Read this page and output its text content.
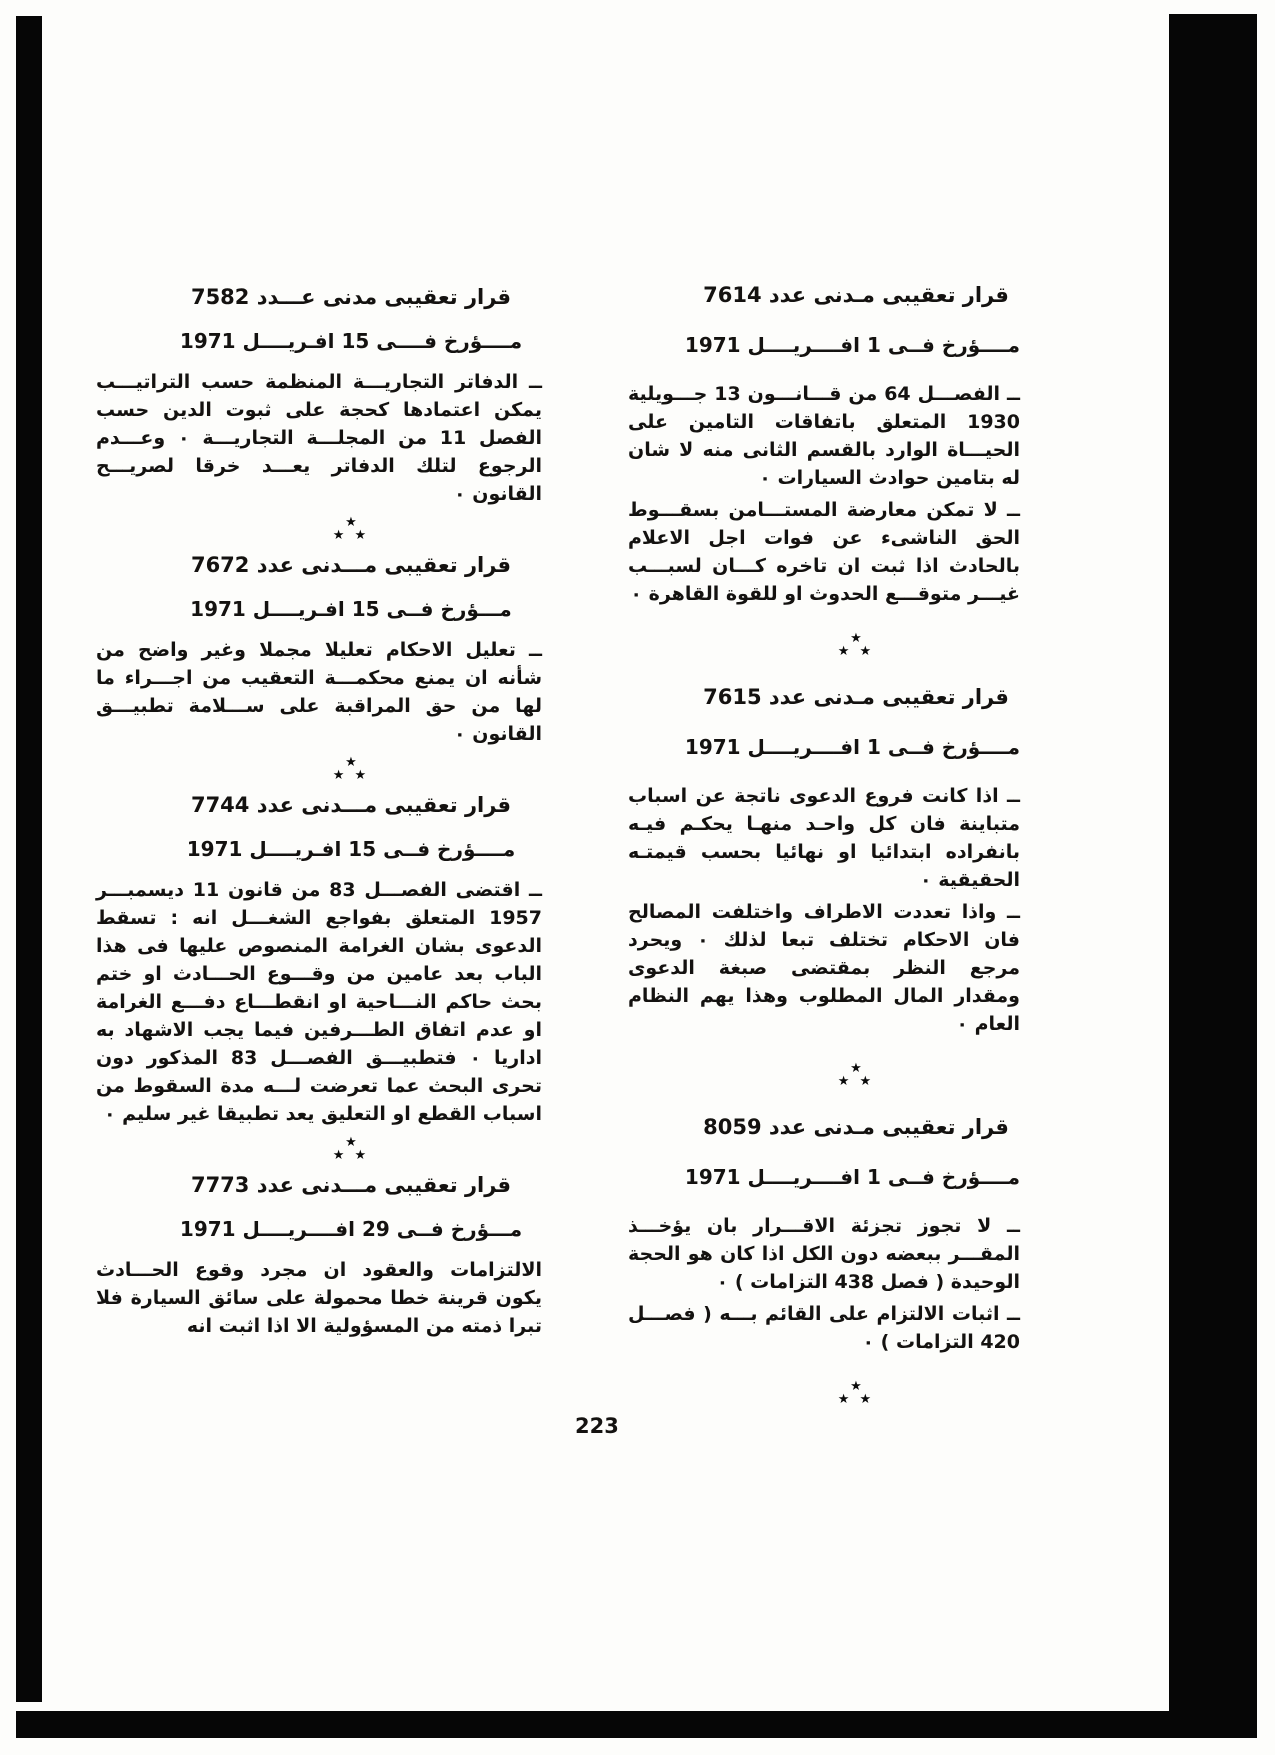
قرار تعقيبى مـدنى عدد 7614
مــــؤرخ فــى 1 افــــريــــل 1971

ــ الفصـــل 64 من قـــانـــون 13 جـــويلية 1930 المتعلق باتفاقات التامين على الحيـــاة الوارد بالقسم الثانى منه لا شان له بتامين حوادث السيارات ٠

ــ لا تمكن معارضة المستـــامن بسقـــوط الحق الناشىء عن فوات اجل الاعلام بالحادث اذا ثبت ان تاخره كـــان لسبـــب غيـــر متوقـــع الحدوث او للقوة القاهرة ٠

★
★ ★
قرار تعقيبى مـدنى عدد 7615
مــــؤرخ فــى 1 افــــريــــل 1971

ــ اذا كانت فروع الدعوى ناتجة عن اسباب متباينة فان كل واحـد منهـا يحكـم فيـه بانفراده ابتدائيا او نهائيا بحسب قيمتـه الحقيقية ٠

ــ واذا تعددت الاطراف واختلفت المصالح فان الاحكام تختلف تبعا لذلك ٠ ويحرد مرجع النظر بمقتضى صبغة الدعوى ومقدار المال المطلوب وهذا يهم النظام العام ٠

★
★ ★
قرار تعقيبى مـدنى عدد 8059
مــــؤرخ فــى 1 افــــريــــل 1971

ــ لا تجوز تجزئة الاقـــرار بان يؤخـــذ المقـــر ببعضه دون الكل اذا كان هو الحجة الوحيدة ( فصل 438 التزامات ) ٠

ــ اثبات الالتزام على القائم بـــه ( فصـــل 420 التزامات ) ٠

★
★ ★
قرار تعقيبى مدنى عـــدد 7582
مــــؤرخ فــــى 15 افـريــــل 1971

ــ الدفاتر التجاريـــة المنظمة حسب التراتيـــب يمكن اعتمادها كحجة على ثبوت الدين حسب الفصل 11 من المجلـــة التجاريـــة ٠ وعـــدم الرجوع لتلك الدفاتر يعـــد خرقا لصريـــح القانون ٠

★
★ ★
قرار تعقيبى مـــدنى عدد 7672
مـــؤرخ فــى 15 افـريــــل 1971

ــ تعليل الاحكام تعليلا مجملا وغير واضح من شأنه ان يمنع محكمـــة التعقيب من اجـــراء ما لها من حق المراقبة على ســـلامة تطبيـــق القانون ٠

★
★ ★
قرار تعقيبى مـــدنى عدد 7744
مــــؤرخ فــى 15 افـريــــل 1971

ــ اقتضى الفصـــل 83 من قانون 11 ديسمبـــر 1957 المتعلق بفواجع الشغـــل انه : تسقط الدعوى بشان الغرامة المنصوص عليها فى هذا الباب بعد عامين من وقـــوع الحـــادث او ختم بحث حاكم النـــاحية او انقطـــاع دفـــع الغرامة او عدم اتفاق الطـــرفين فيما يجب الاشهاد به اداريا ٠ فتطبيـــق الفصـــل 83 المذكور دون تحرى البحث عما تعرضت لـــه مدة السقوط من اسباب القطع او التعليق يعد تطبيقا غير سليم ٠

★
★ ★
قرار تعقيبى مـــدنى عدد 7773
مـــؤرخ فــى 29 افــــريــــل 1971

الالتزامات والعقود ان مجرد وقوع الحـــادث يكون قرينة خطا محمولة على سائق السيارة فلا تبرا ذمته من المسؤولية الا اذا اثبت انه

223
